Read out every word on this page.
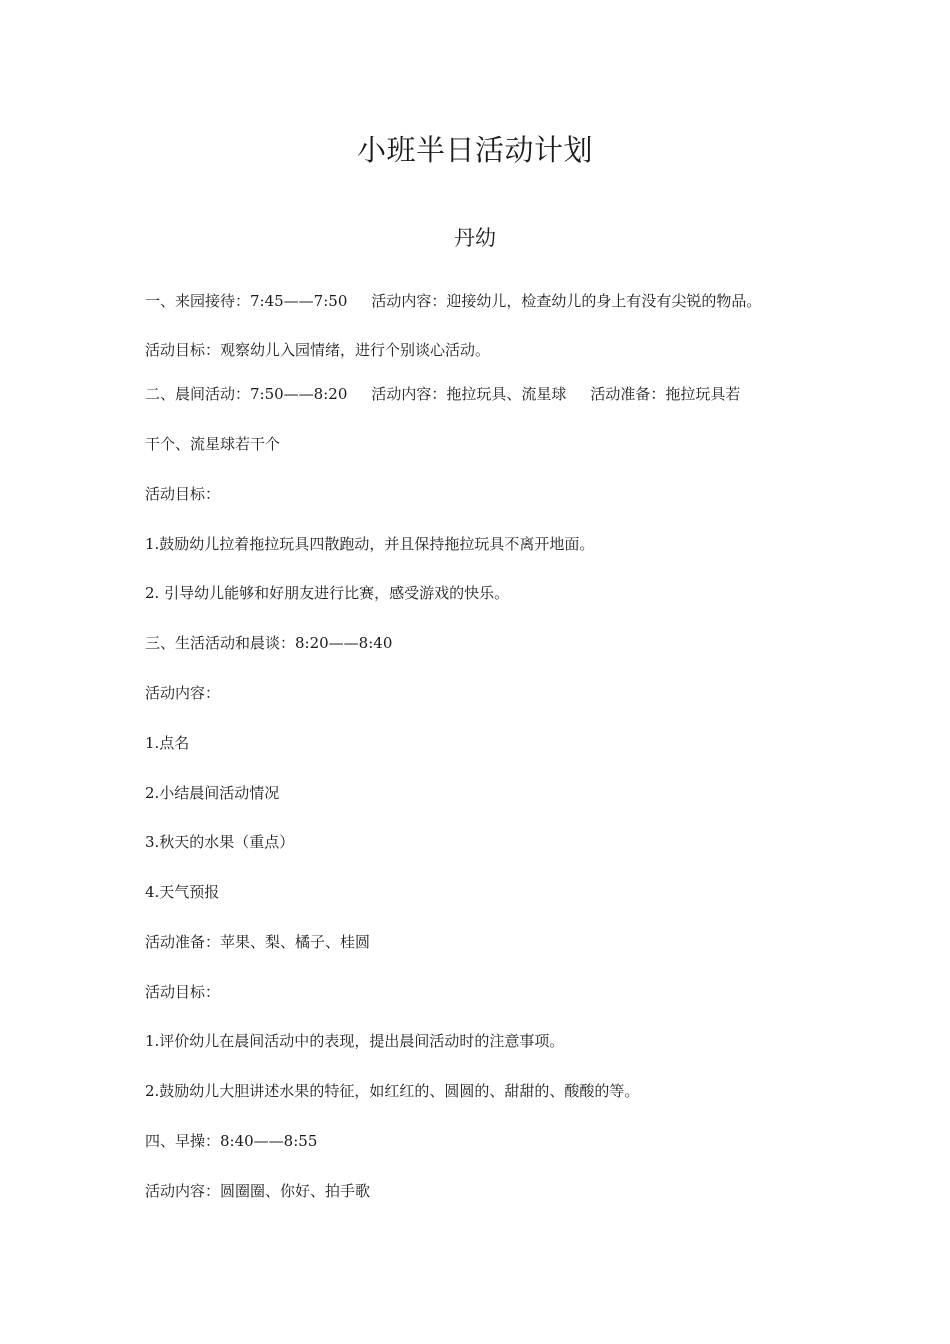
小班半日活动计划
丹幼
一、来园接待：7:45——7:50 活动内容：迎接幼儿，检查幼儿的身上有没有尖锐的物品。
活动目标：观察幼儿入园情绪，进行个别谈心活动。
二、晨间活动：7:50——8:20 活动内容：拖拉玩具、流星球 活动准备：拖拉玩具若
干个、流星球若干个
活动目标：
1.鼓励幼儿拉着拖拉玩具四散跑动，并且保持拖拉玩具不离开地面。
2. 引导幼儿能够和好朋友进行比赛，感受游戏的快乐。
三、生活活动和晨谈：8:20——8:40
活动内容：
1.点名
2.小结晨间活动情况
3.秋天的水果（重点）
4.天气预报
活动准备：苹果、梨、橘子、桂圆
活动目标：
1.评价幼儿在晨间活动中的表现，提出晨间活动时的注意事项。
2.鼓励幼儿大胆讲述水果的特征，如红红的、圆圆的、甜甜的、酸酸的等。
四、早操：8:40——8:55
活动内容：圆圈圈、你好、拍手歌
